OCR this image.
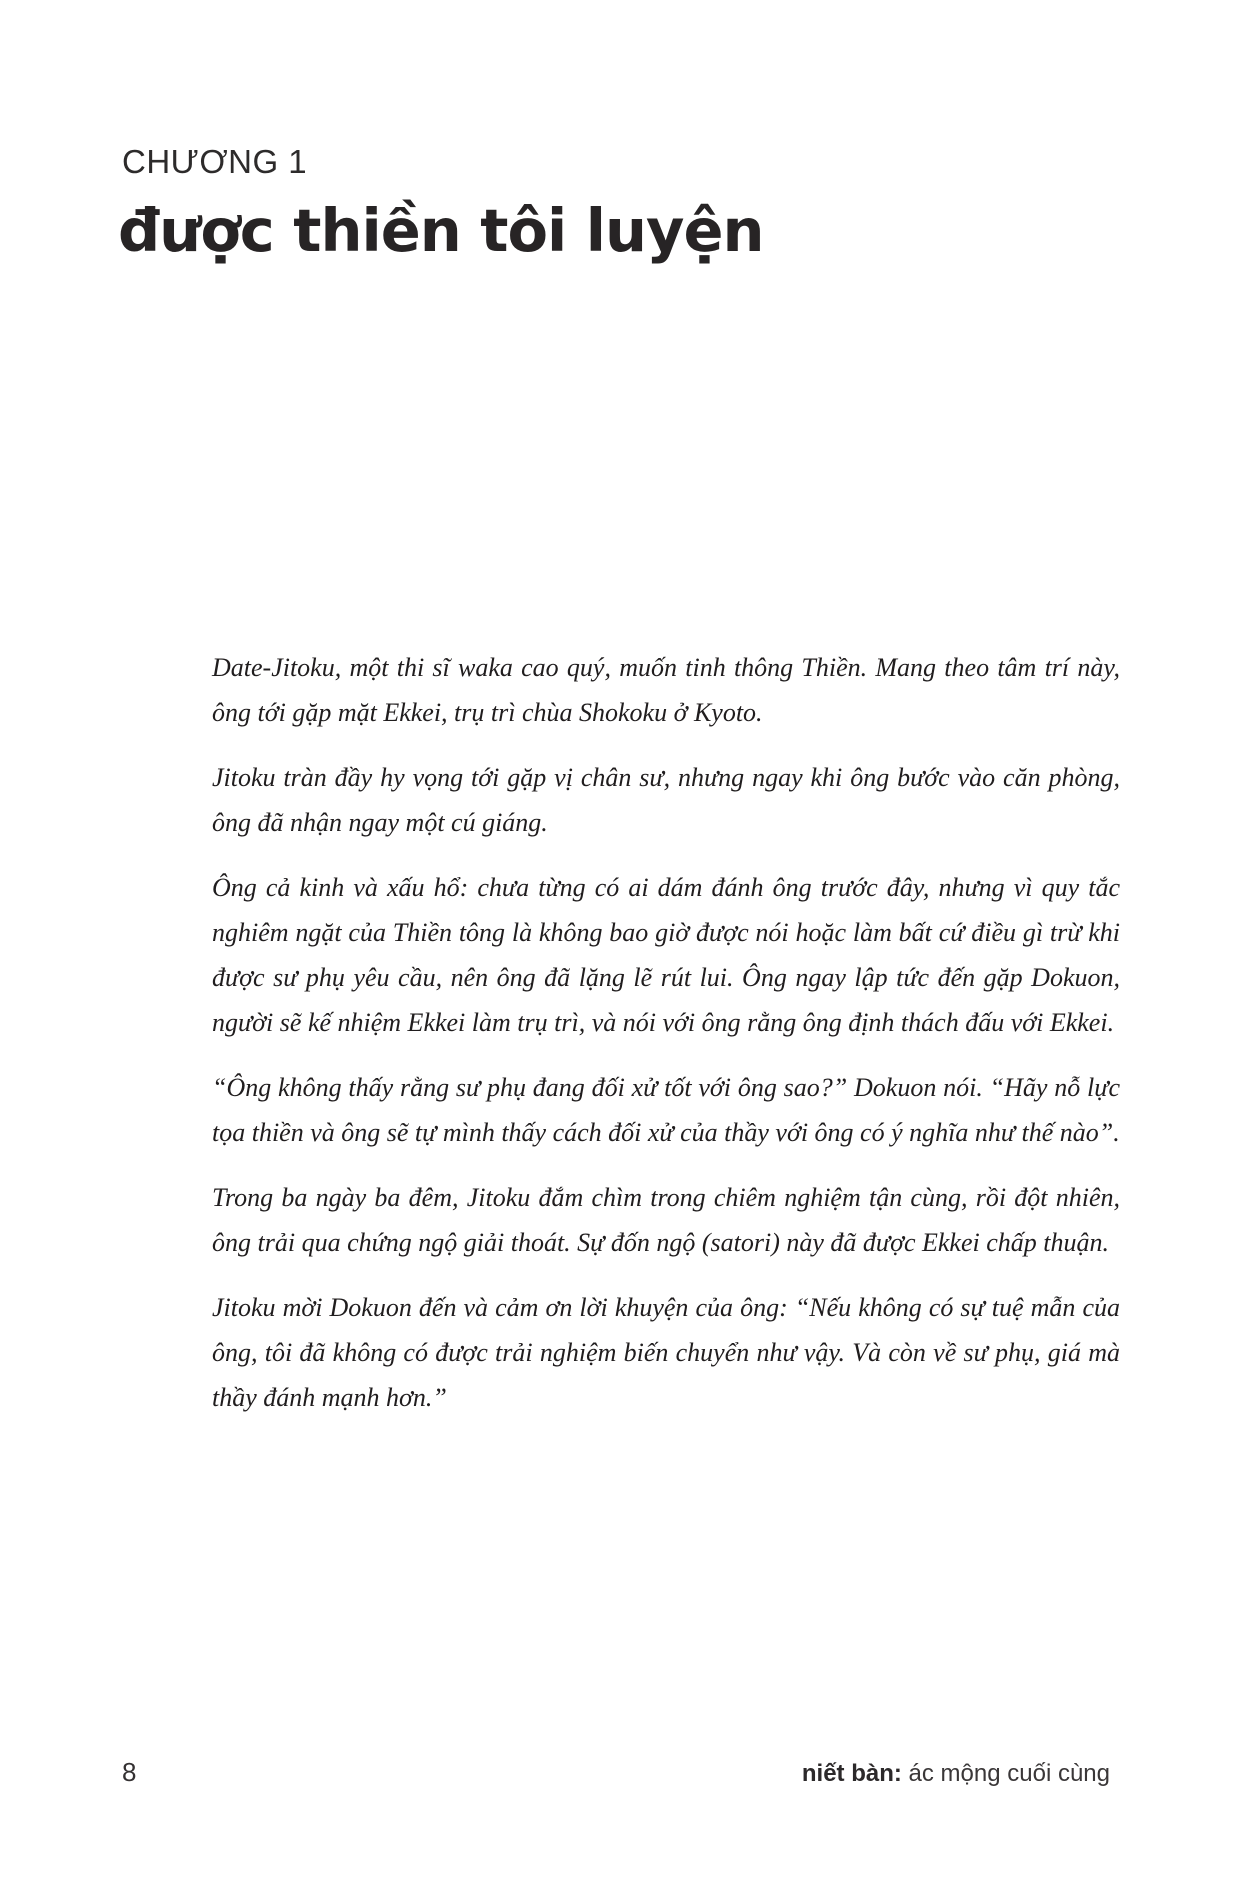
CHƯƠNG 1
được thiền tôi luyện

Date-Jitoku, một thi sĩ waka cao quý, muốn tinh thông Thiền. Mang theo tâm trí này, ông tới gặp mặt Ekkei, trụ trì chùa Shokoku ở Kyoto.

Jitoku tràn đầy hy vọng tới gặp vị chân sư, nhưng ngay khi ông bước vào căn phòng, ông đã nhận ngay một cú giáng.

Ông cả kinh và xấu hổ: chưa từng có ai dám đánh ông trước đây, nhưng vì quy tắc nghiêm ngặt của Thiền tông là không bao giờ được nói hoặc làm bất cứ điều gì trừ khi được sư phụ yêu cầu, nên ông đã lặng lẽ rút lui. Ông ngay lập tức đến gặp Dokuon, người sẽ kế nhiệm Ekkei làm trụ trì, và nói với ông rằng ông định thách đấu với Ekkei.

“Ông không thấy rằng sư phụ đang đối xử tốt với ông sao?” Dokuon nói. “Hãy nỗ lực tọa thiền và ông sẽ tự mình thấy cách đối xử của thầy với ông có ý nghĩa như thế nào”.

Trong ba ngày ba đêm, Jitoku đắm chìm trong chiêm nghiệm tận cùng, rồi đột nhiên, ông trải qua chứng ngộ giải thoát. Sự đốn ngộ (satori) này đã được Ekkei chấp thuận.

Jitoku mời Dokuon đến và cảm ơn lời khuyện của ông: “Nếu không có sự tuệ mẫn của ông, tôi đã không có được trải nghiệm biến chuyển như vậy. Và còn về sư phụ, giá mà thầy đánh mạnh hơn.”

8	niết bàn: ác mộng cuối cùng
